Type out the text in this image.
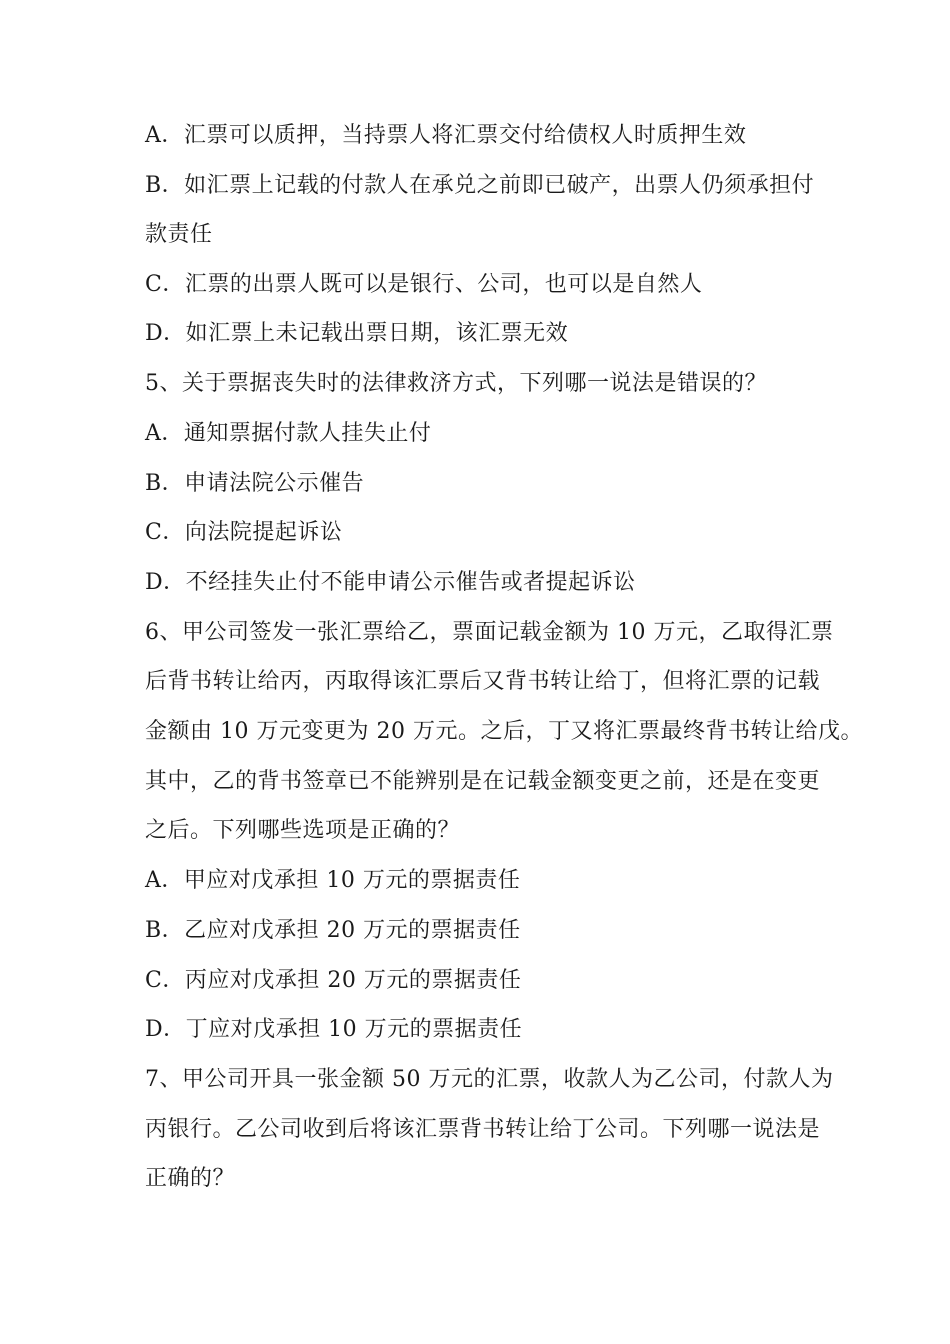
A．汇票可以质押，当持票人将汇票交付给债权人时质押生效
B．如汇票上记载的付款人在承兑之前即已破产，出票人仍须承担付
款责任
C．汇票的出票人既可以是银行、公司，也可以是自然人
D．如汇票上未记载出票日期，该汇票无效
5、关于票据丧失时的法律救济方式，下列哪一说法是错误的？
A．通知票据付款人挂失止付
B．申请法院公示催告
C．向法院提起诉讼
D．不经挂失止付不能申请公示催告或者提起诉讼
6、甲公司签发一张汇票给乙，票面记载金额为 10 万元，乙取得汇票
后背书转让给丙，丙取得该汇票后又背书转让给丁，但将汇票的记载
金额由 10 万元变更为 20 万元。之后，丁又将汇票最终背书转让给戊。
其中，乙的背书签章已不能辨别是在记载金额变更之前，还是在变更
之后。下列哪些选项是正确的？
A．甲应对戊承担 10 万元的票据责任
B．乙应对戊承担 20 万元的票据责任
C．丙应对戊承担 20 万元的票据责任
D．丁应对戊承担 10 万元的票据责任
7、甲公司开具一张金额 50 万元的汇票，收款人为乙公司，付款人为
丙银行。乙公司收到后将该汇票背书转让给丁公司。下列哪一说法是
正确的？
